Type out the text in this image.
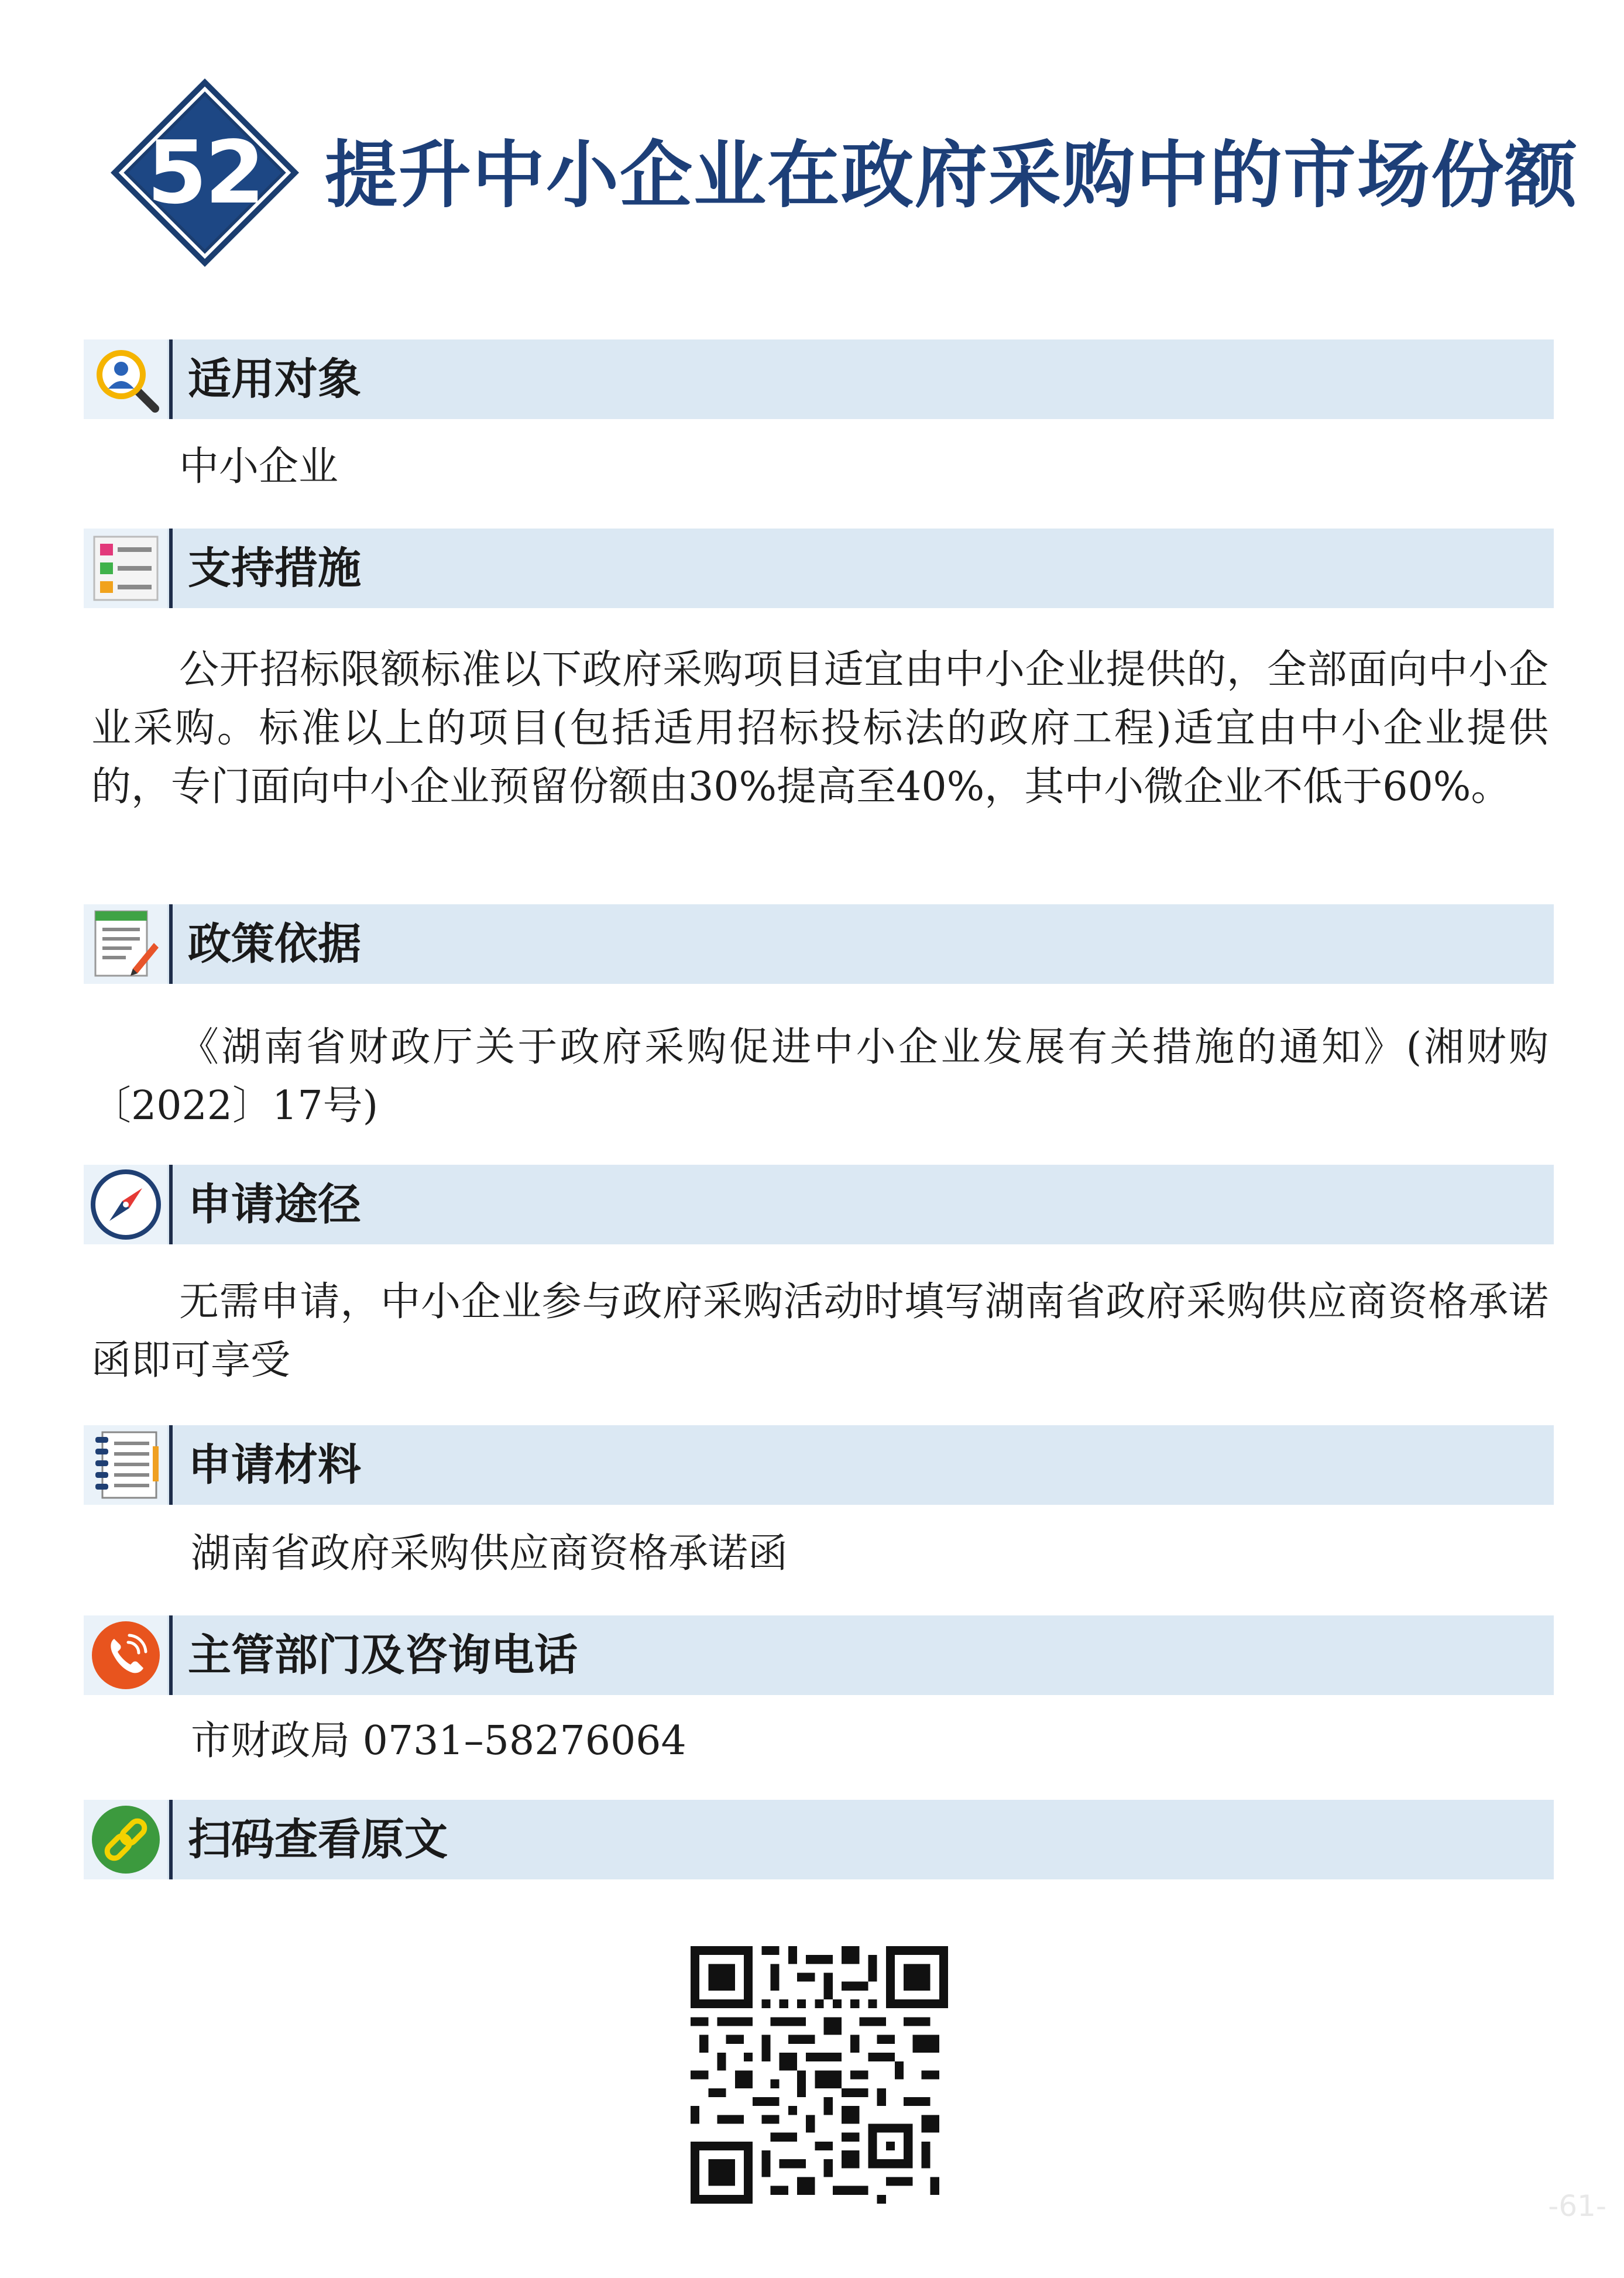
52 提升中小企业在政府采购中的市场份额
适用对象
中小企业
支持措施
公开招标限额标准以下政府采购项目适宜由中小企业提供的，全部面向中小企业采购。标准以上的项目(包括适用招标投标法的政府工程)适宜由中小企业提供的，专门面向中小企业预留份额由30%提高至40%，其中小微企业不低于60%。
政策依据
《湖南省财政厅关于政府采购促进中小企业发展有关措施的通知》(湘财购〔2022〕17号)
申请途径
无需申请，中小企业参与政府采购活动时填写湖南省政府采购供应商资格承诺函即可享受
申请材料
湖南省政府采购供应商资格承诺函
主管部门及咨询电话
市财政局 0731–58276064
扫码查看原文
-61-
